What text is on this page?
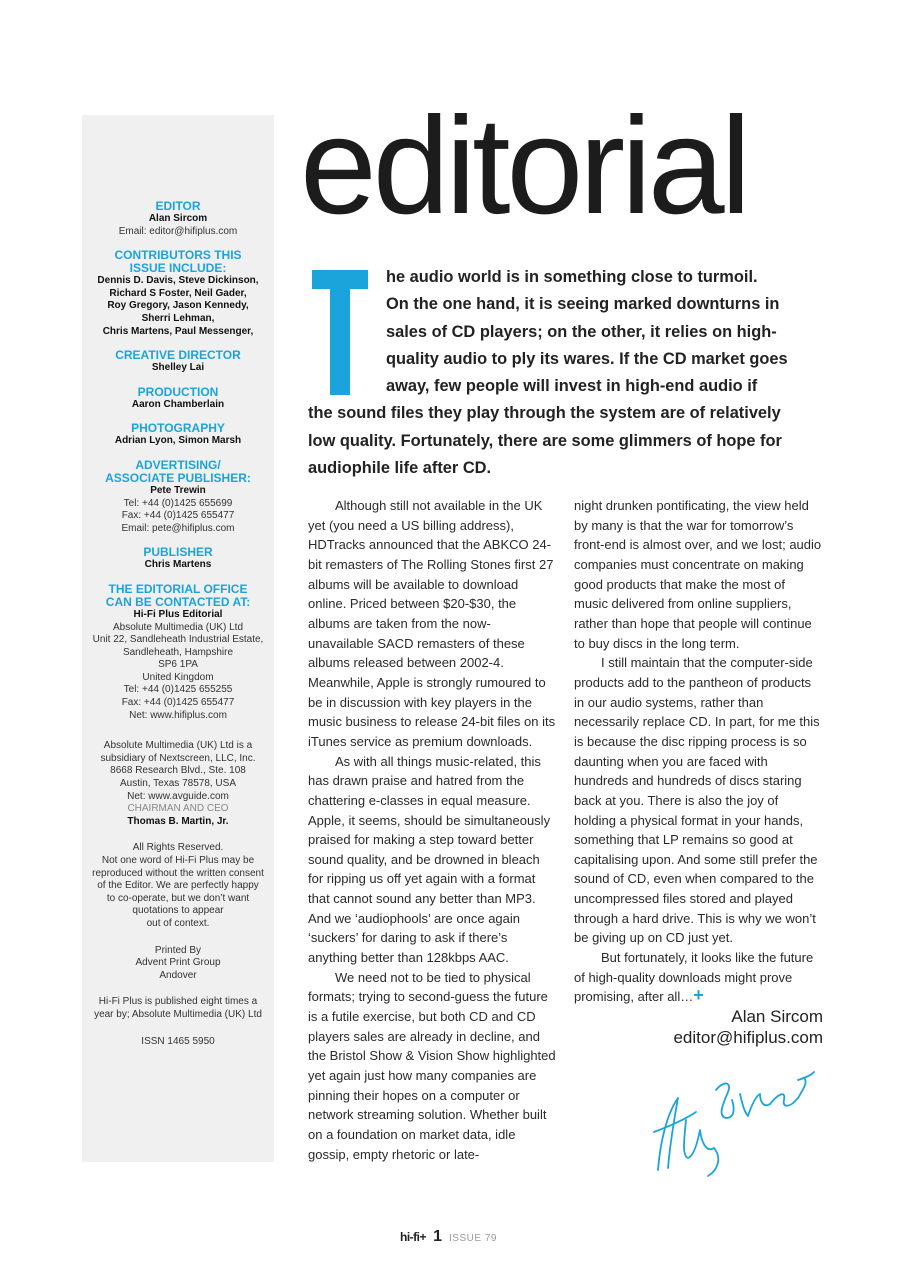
EDITOR
Alan Sircom
Email: editor@hifiplus.com
CONTRIBUTORS THIS
ISSUE INCLUDE:
Dennis D. Davis, Steve Dickinson,
Richard S Foster, Neil Gader,
Roy Gregory, Jason Kennedy,
Sherri Lehman,
Chris Martens, Paul Messenger,
CREATIVE DIRECTOR
Shelley Lai
PRODUCTION
Aaron Chamberlain
PHOTOGRAPHY
Adrian Lyon, Simon Marsh
ADVERTISING/
ASSOCIATE PUBLISHER:
Pete Trewin
Tel: +44 (0)1425 655699
Fax: +44 (0)1425 655477
Email: pete@hifiplus.com
PUBLISHER
Chris Martens
THE EDITORIAL OFFICE
CAN BE CONTACTED AT:
Hi-Fi Plus Editorial
Absolute Multimedia (UK) Ltd
Unit 22, Sandleheath Industrial Estate,
Sandleheath, Hampshire
SP6 1PA
United Kingdom
Tel: +44 (0)1425 655255
Fax: +44 (0)1425 655477
Net: www.hifiplus.com
Absolute Multimedia (UK) Ltd is a
subsidiary of Nextscreen, LLC, Inc.
8668 Research Blvd., Ste. 108
Austin, Texas 78578, USA
Net: www.avguide.com
CHAIRMAN AND CEO
Thomas B. Martin, Jr.
All Rights Reserved.
Not one word of Hi-Fi Plus may be
reproduced without the written consent
of the Editor. We are perfectly happy
to co-operate, but we don’t want
quotations to appear
out of context.
Printed By
Advent Print Group
Andover
Hi-Fi Plus is published eight times a
year by; Absolute Multimedia (UK) Ltd
ISSN 1465 5950
editorial

he audio world is in something close to turmoil.
On the one hand, it is seeing marked downturns in
sales of CD players; on the other, it relies on high-
quality audio to ply its wares. If the CD market goes
away, few people will invest in high-end audio if
the sound files they play through the system are of relatively
low quality. Fortunately, there are some glimmers of hope for
audiophile life after CD.

Although still not available in the UK yet (you need a US billing address), HDTracks announced that the ABKCO 24-bit remasters of The Rolling Stones first 27 albums will be available to download online. Priced between $20-$30, the albums are taken from the now-unavailable SACD remasters of these albums released between 2002-4. Meanwhile, Apple is strongly rumoured to be in discussion with key players in the music business to release 24-bit files on its iTunes service as premium downloads.

As with all things music-related, this has drawn praise and hatred from the chattering e-classes in equal measure. Apple, it seems, should be simultaneously praised for making a step toward better sound quality, and be drowned in bleach for ripping us off yet again with a format that cannot sound any better than MP3. And we ‘audiophools’ are once again ‘suckers’ for daring to ask if there’s anything better than 128kbps AAC.

We need not to be tied to physical formats; trying to second-guess the future is a futile exercise, but both CD and CD players sales are already in decline, and the Bristol Show & Vision Show highlighted yet again just how many companies are pinning their hopes on a computer or network streaming solution. Whether built on a foundation on market data, idle gossip, empty rhetoric or late-

night drunken pontificating, the view held by many is that the war for tomorrow’s front-end is almost over, and we lost; audio companies must concentrate on making good products that make the most of music delivered from online suppliers, rather than hope that people will continue to buy discs in the long term.

I still maintain that the computer-side products add to the pantheon of products in our audio systems, rather than necessarily replace CD. In part, for me this is because the disc ripping process is so daunting when you are faced with hundreds and hundreds of discs staring back at you. There is also the joy of holding a physical format in your hands, something that LP remains so good at capitalising upon. And some still prefer the sound of CD, even when compared to the uncompressed files stored and played through a hard drive. This is why we won’t be giving up on CD just yet.

But fortunately, it looks like the future of high-quality downloads might prove promising, after all…+

Alan Sircom
editor@hifiplus.com
hi-fi+ 1 ISSUE 79
